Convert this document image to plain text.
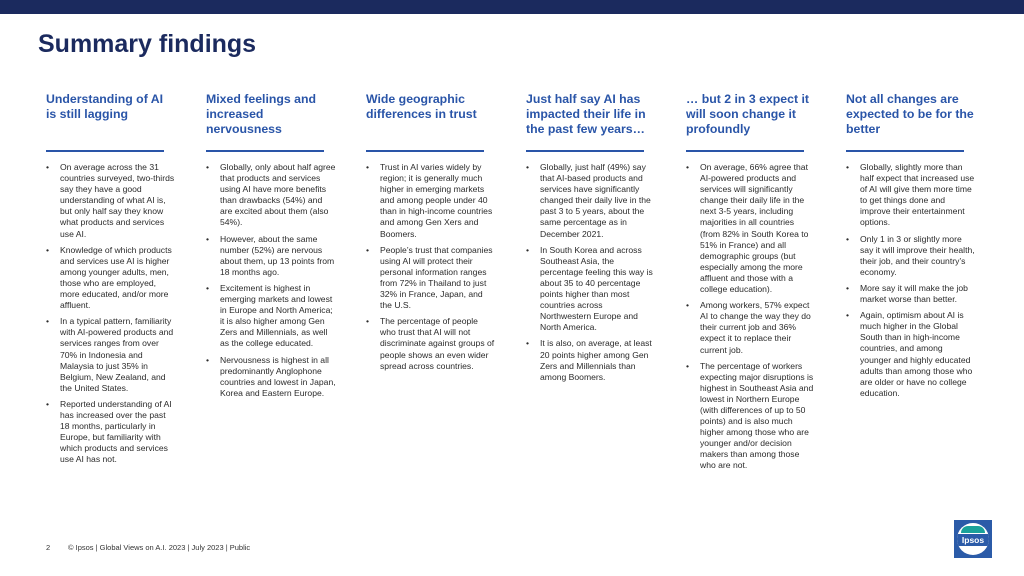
Summary findings
Understanding of AI is still lagging
• On average across the 31 countries surveyed, two-thirds say they have a good understanding of what AI is, but only half say they know what products and services use AI.
• Knowledge of which products and services use AI is higher among younger adults, men, those who are employed, more educated, and/or more affluent.
• In a typical pattern, familiarity with AI-powered products and services ranges from over 70% in Indonesia and Malaysia to just 35% in Belgium, New Zealand, and the United States.
• Reported understanding of AI has increased over the past 18 months, particularly in Europe, but familiarity with which products and services use AI has not.
Mixed feelings and increased nervousness
• Globally, only about half agree that products and services using AI have more benefits than drawbacks (54%) and are excited about them (also 54%).
• However, about the same number (52%) are nervous about them, up 13 points from 18 months ago.
• Excitement is highest in emerging markets and lowest in Europe and North America; it is also higher among Gen Zers and Millennials, as well as the college educated.
• Nervousness is highest in all predominantly Anglophone countries and lowest in Japan, Korea and Eastern Europe.
Wide geographic differences in trust
• Trust in AI varies widely by region; it is generally much higher in emerging markets and among people under 40 than in high-income countries and among Gen Xers and Boomers.
• People’s trust that companies using AI will protect their personal information ranges from 72% in Thailand to just 32% in France, Japan, and the U.S.
• The percentage of people who trust that AI will not discriminate against groups of people shows an even wider spread across countries.
Just half say AI has impacted their life in the past few years…
• Globally, just half (49%) say that AI-based products and services have significantly changed their daily live in the past 3 to 5 years, about the same percentage as in December 2021.
• In South Korea and across Southeast Asia, the percentage feeling this way is about 35 to 40 percentage points higher than most countries across Northwestern Europe and North America.
• It is also, on average, at least 20 points higher among Gen Zers and Millennials than among Boomers.
… but 2 in 3 expect it will soon change it profoundly
• On average, 66% agree that AI-powered products and services will significantly change their daily life in the next 3-5 years, including majorities in all countries (from 82% in South Korea to 51% in France) and all demographic groups (but especially among the more affluent and those with a college education).
• Among workers, 57% expect AI to change the way they do their current job and 36% expect it to replace their current job.
• The percentage of workers expecting major disruptions is highest in Southeast Asia and lowest in Northern Europe (with differences of up to 50 points) and is also much higher among those who are younger and/or decision makers than among those who are not.
Not all changes are expected to be for the better
• Globally, slightly more than half expect that increased use of AI will give them more time to get things done and improve their entertainment options.
• Only 1 in 3 or slightly more say it will improve their health, their job, and their country’s economy.
• More say it will make the job market worse than better.
• Again, optimism about AI is much higher in the Global South than in high-income countries, and among younger and highly educated adults than among those who are older or have no college education.
2 © Ipsos | Global Views on A.I. 2023 | July 2023 | Public
Ipsos
